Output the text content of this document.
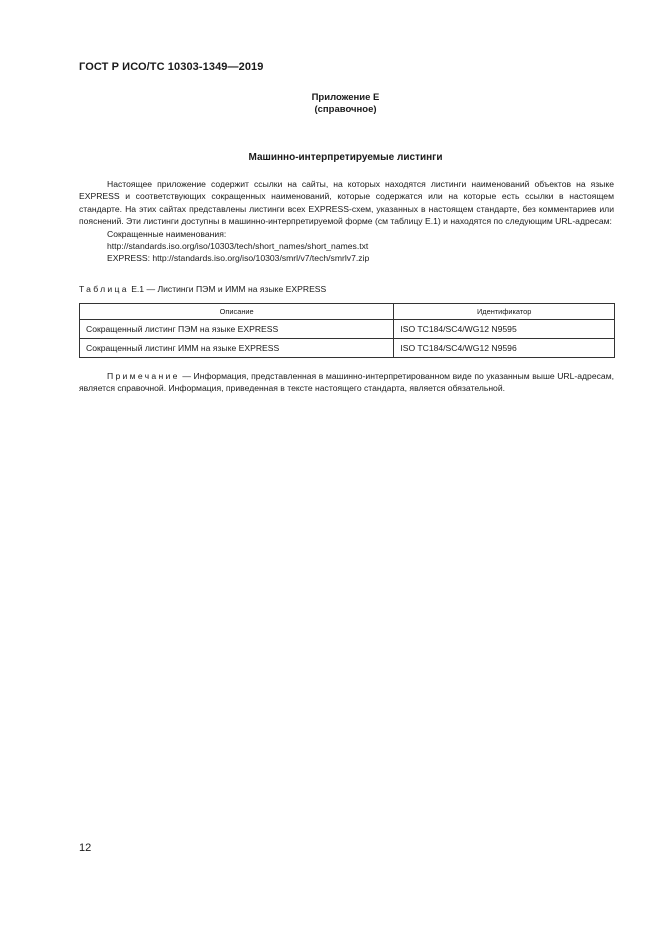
ГОСТ Р ИСО/ТС 10303-1349—2019
Приложение Е
(справочное)
Машинно-интерпретируемые листинги

Настоящее приложение содержит ссылки на сайты, на которых находятся листинги наименований объектов на языке EXPRESS и соответствующих сокращенных наименований, которые содержатся или на которые есть ссылки в настоящем стандарте. На этих сайтах представлены листинги всех EXPRESS-схем, указанных в настоящем стандарте, без комментариев или пояснений. Эти листинги доступны в машинно-интерпретируемой форме (см таблицу Е.1) и находятся по следующим URL-адресам:

Сокращенные наименования:
http://standards.iso.org/iso/10303/tech/short_names/short_names.txt
EXPRESS: http://standards.iso.org/iso/10303/smrl/v7/tech/smrlv7.zip
Таблица Е.1 — Листинги ПЭМ и ИММ на языке EXPRESS
Описание	Идентификатор
Сокращенный листинг ПЭМ на языке EXPRESS	ISO TC184/SC4/WG12 N9595
Сокращенный листинг ИММ на языке EXPRESS	ISO TC184/SC4/WG12 N9596
Примечание — Информация, представленная в машинно-интерпретированном виде по указанным выше URL-адресам, является справочной. Информация, приведенная в тексте настоящего стандарта, является обязательной.
12
